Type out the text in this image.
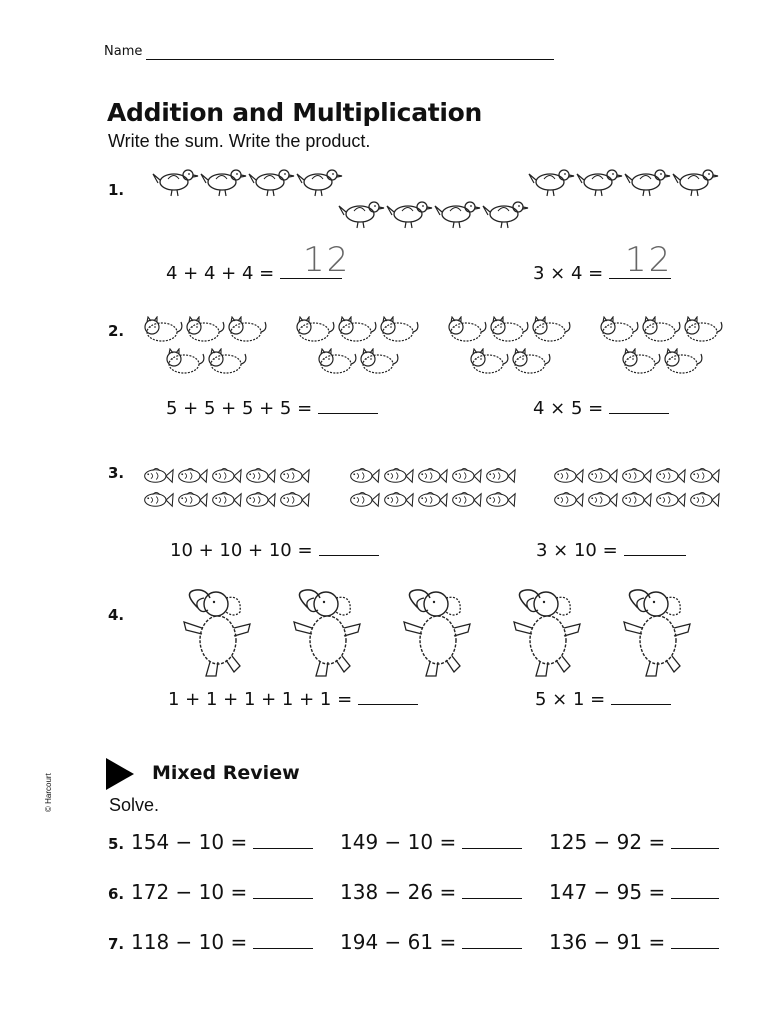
Name
Addition and Multiplication
Write the sum. Write the product.
1.
4 + 4 + 4 = 12	3 × 4 = 12
2.
5 + 5 + 5 + 5 =	4 × 5 =
3.
10 + 10 + 10 =	3 × 10 =
4.
1 + 1 + 1 + 1 + 1 =	5 × 1 =
Mixed Review
Solve.
5. 154 − 10 =	149 − 10 =	125 − 92 =
6. 172 − 10 =	138 − 26 =	147 − 95 =
7. 118 − 10 =	194 − 61 =	136 − 91 =
© Harcourt
